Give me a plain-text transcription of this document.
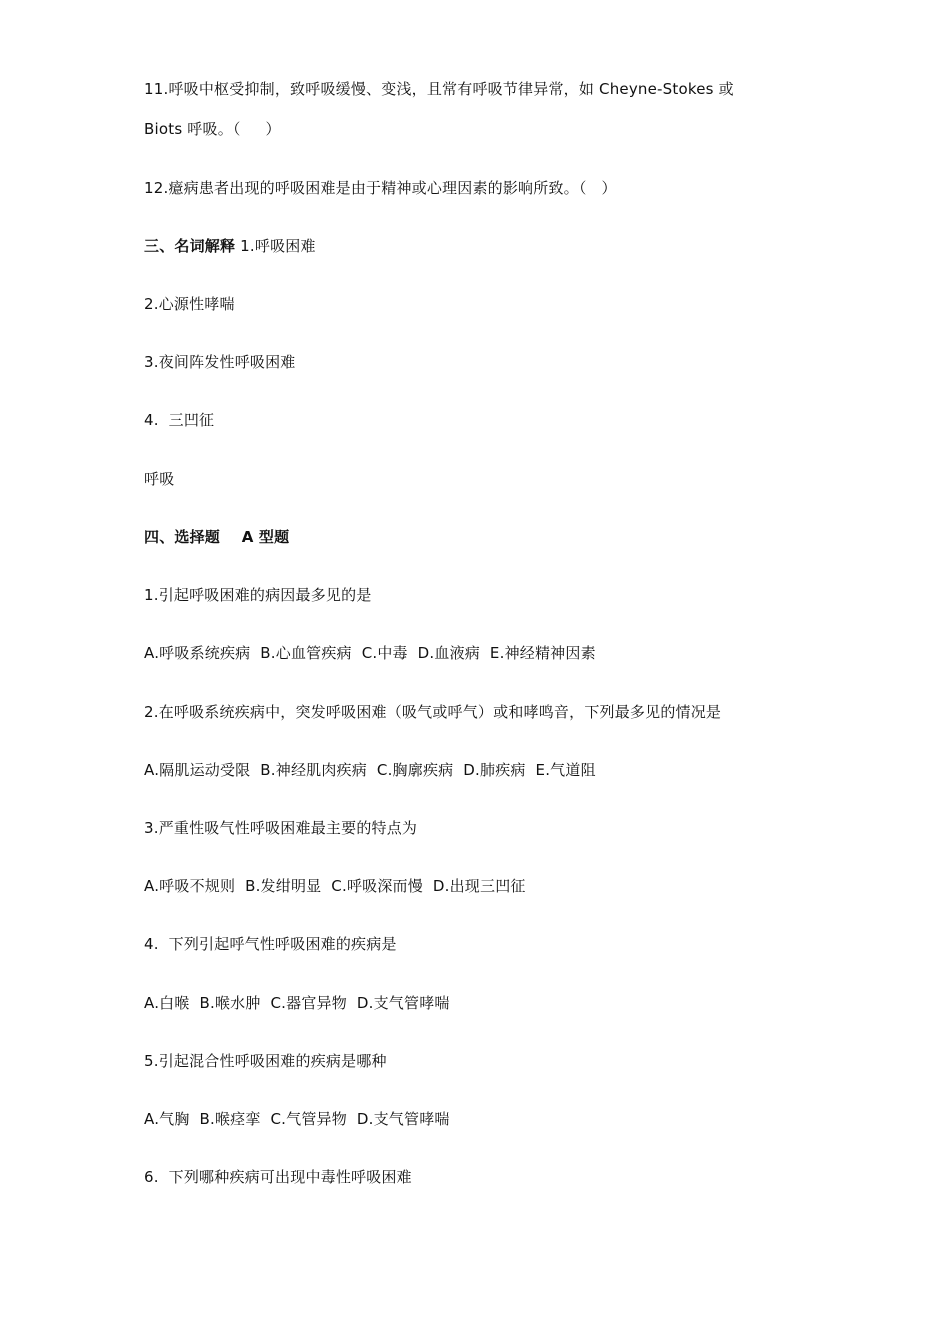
11.呼吸中枢受抑制，致呼吸缓慢、变浅，且常有呼吸节律异常，如 Cheyne-Stokes 或
Biots 呼吸。（     ）
12.癔病患者出现的呼吸困难是由于精神或心理因素的影响所致。（   ）
三、名词解释 1.呼吸困难
2.心源性哮喘
3.夜间阵发性呼吸困难
4.  三凹征
呼吸
四、选择题    A 型题
1.引起呼吸困难的病因最多见的是
A.呼吸系统疾病  B.心血管疾病  C.中毒  D.血液病  E.神经精神因素
2.在呼吸系统疾病中，突发呼吸困难（吸气或呼气）或和哮鸣音，下列最多见的情况是
A.隔肌运动受限  B.神经肌肉疾病  C.胸廓疾病  D.肺疾病  E.气道阻
3.严重性吸气性呼吸困难最主要的特点为
A.呼吸不规则  B.发绀明显  C.呼吸深而慢  D.出现三凹征
4.  下列引起呼气性呼吸困难的疾病是
A.白喉  B.喉水肿  C.器官异物  D.支气管哮喘
5.引起混合性呼吸困难的疾病是哪种
A.气胸  B.喉痉挛  C.气管异物  D.支气管哮喘
6.  下列哪种疾病可出现中毒性呼吸困难
